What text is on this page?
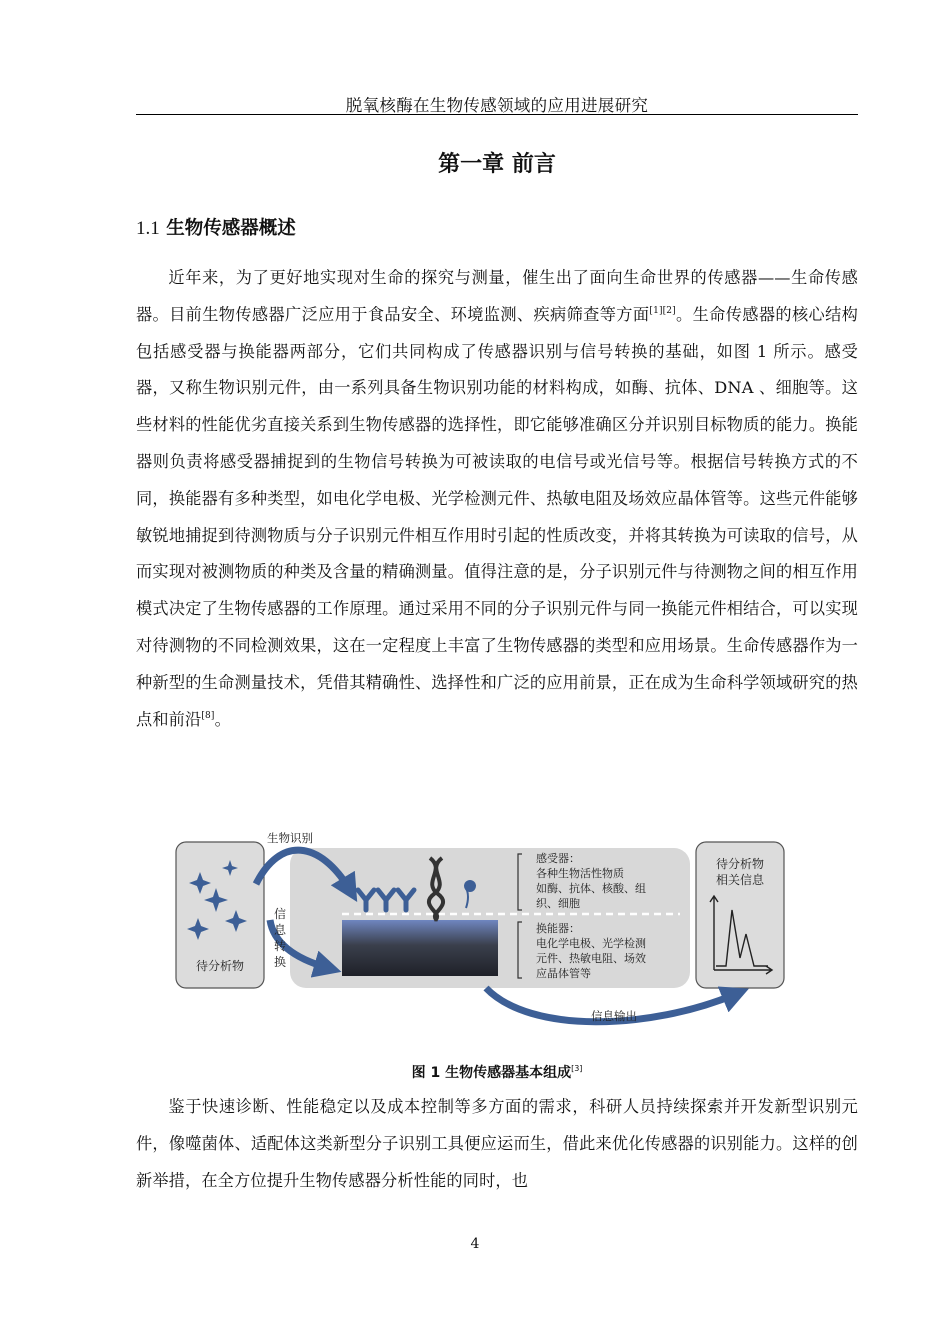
脱氧核酶在生物传感领域的应用进展研究
第一章 前言
1.1 生物传感器概述

近年来，为了更好地实现对生命的探究与测量，催生出了面向生命世界的传感器——生命传感器。目前生物传感器广泛应用于食品安全、环境监测、疾病筛查等方面[1][2]。生命传感器的核心结构包括感受器与换能器两部分，它们共同构成了传感器识别与信号转换的基础，如图 1 所示。感受器，又称生物识别元件，由一系列具备生物识别功能的材料构成，如酶、抗体、DNA 、细胞等。这些材料的性能优劣直接关系到生物传感器的选择性，即它能够准确区分并识别目标物质的能力。换能器则负责将感受器捕捉到的生物信号转换为可被读取的电信号或光信号等。根据信号转换方式的不同，换能器有多种类型，如电化学电极、光学检测元件、热敏电阻及场效应晶体管等。这些元件能够敏锐地捕捉到待测物质与分子识别元件相互作用时引起的性质改变，并将其转换为可读取的信号，从而实现对被测物质的种类及含量的精确测量。值得注意的是，分子识别元件与待测物之间的相互作用模式决定了生物传感器的工作原理。通过采用不同的分子识别元件与同一换能元件相结合，可以实现对待测物的不同检测效果，这在一定程度上丰富了生物传感器的类型和应用场景。生命传感器作为一种新型的生命测量技术，凭借其精确性、选择性和广泛的应用前景，正在成为生命科学领域研究的热点和前沿[8]。

待分析物
生物识别
信
息
转
换
感受器：
各种生物活性物质
如酶、抗体、核酸、组
织、细胞
换能器：
电化学电极、光学检测
元件、热敏电阻、场效
应晶体管等
待分析物
相关信息
信息输出
图 1 生物传感器基本组成[3]

鉴于快速诊断、性能稳定以及成本控制等多方面的需求，科研人员持续探索并开发新型识别元件，像噬菌体、适配体这类新型分子识别工具便应运而生，借此来优化传感器的识别能力。这样的创新举措，在全方位提升生物传感器分析性能的同时，也

4
